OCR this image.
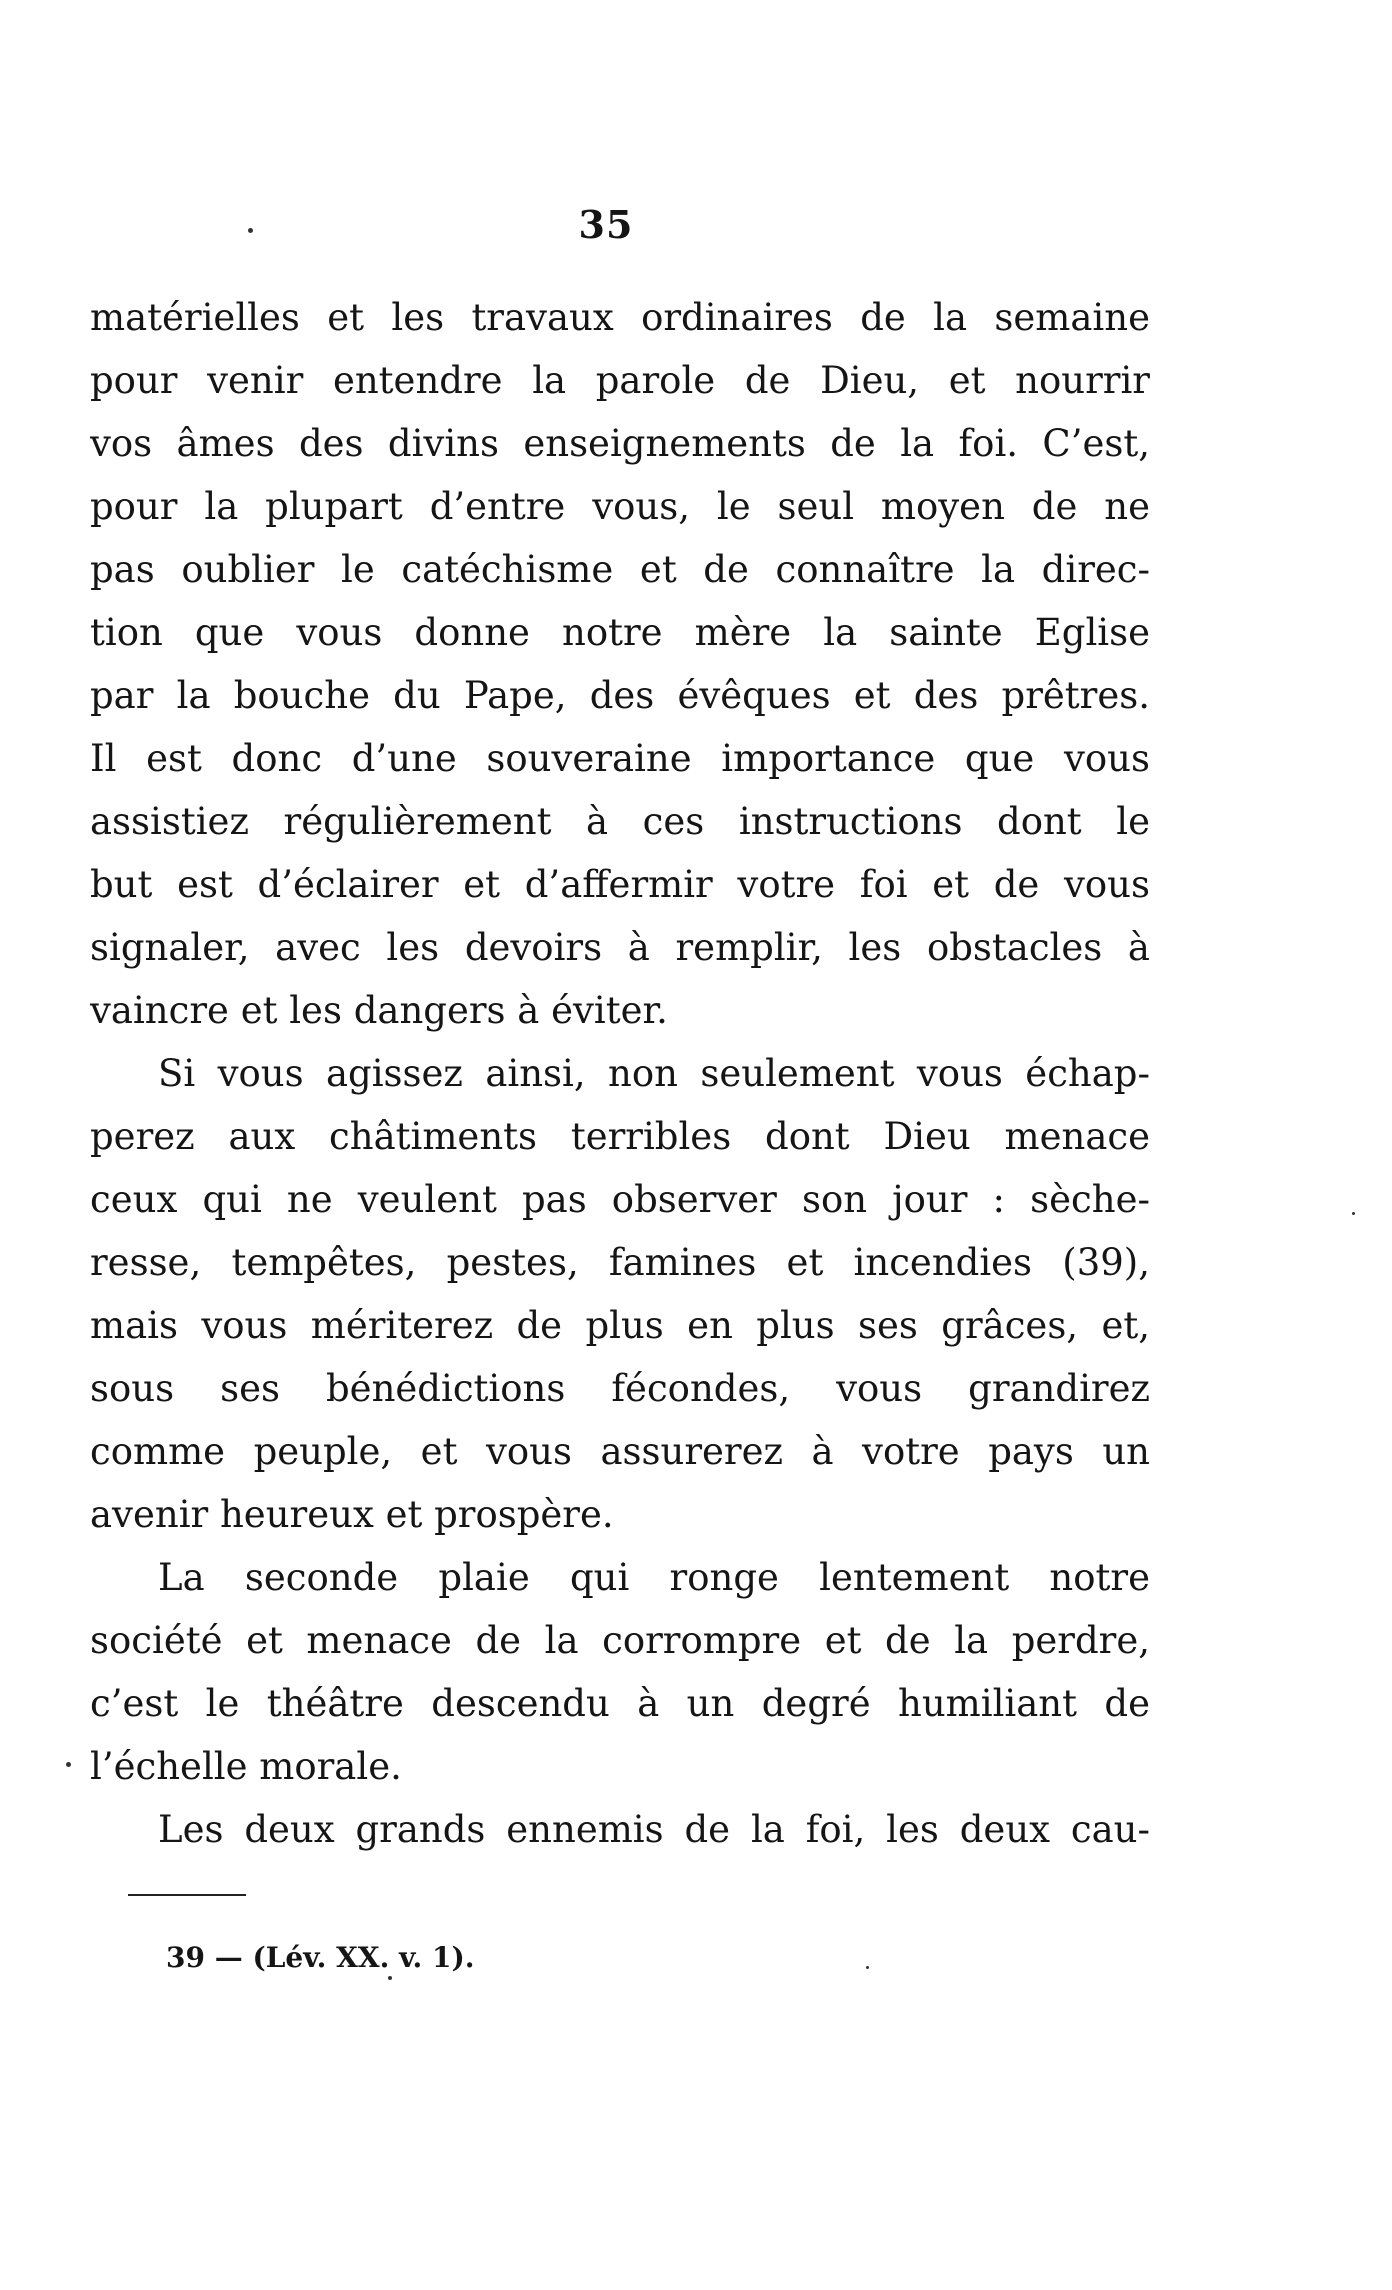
35
matérielles et les travaux ordinaires de la semaine
pour venir entendre la parole de Dieu, et nourrir
vos âmes des divins enseignements de la foi. C’est,
pour la plupart d’entre vous, le seul moyen de ne
pas oublier le catéchisme et de connaître la direc-
tion que vous donne notre mère la sainte Eglise
par la bouche du Pape, des évêques et des prêtres.
Il est donc d’une souveraine importance que vous
assistiez régulièrement à ces instructions dont le
but est d’éclairer et d’affermir votre foi et de vous
signaler, avec les devoirs à remplir, les obstacles à
vaincre et les dangers à éviter.
Si vous agissez ainsi, non seulement vous échap-
perez aux châtiments terribles dont Dieu menace
ceux qui ne veulent pas observer son jour : sèche-
resse, tempêtes, pestes, famines et incendies (39),
mais vous mériterez de plus en plus ses grâces, et,
sous ses bénédictions fécondes, vous grandirez
comme peuple, et vous assurerez à votre pays un
avenir heureux et prospère.
La seconde plaie qui ronge lentement notre
société et menace de la corrompre et de la perdre,
c’est le théâtre descendu à un degré humiliant de
l’échelle morale.
Les deux grands ennemis de la foi, les deux cau-
39 — (Lév. XX. v. 1).
